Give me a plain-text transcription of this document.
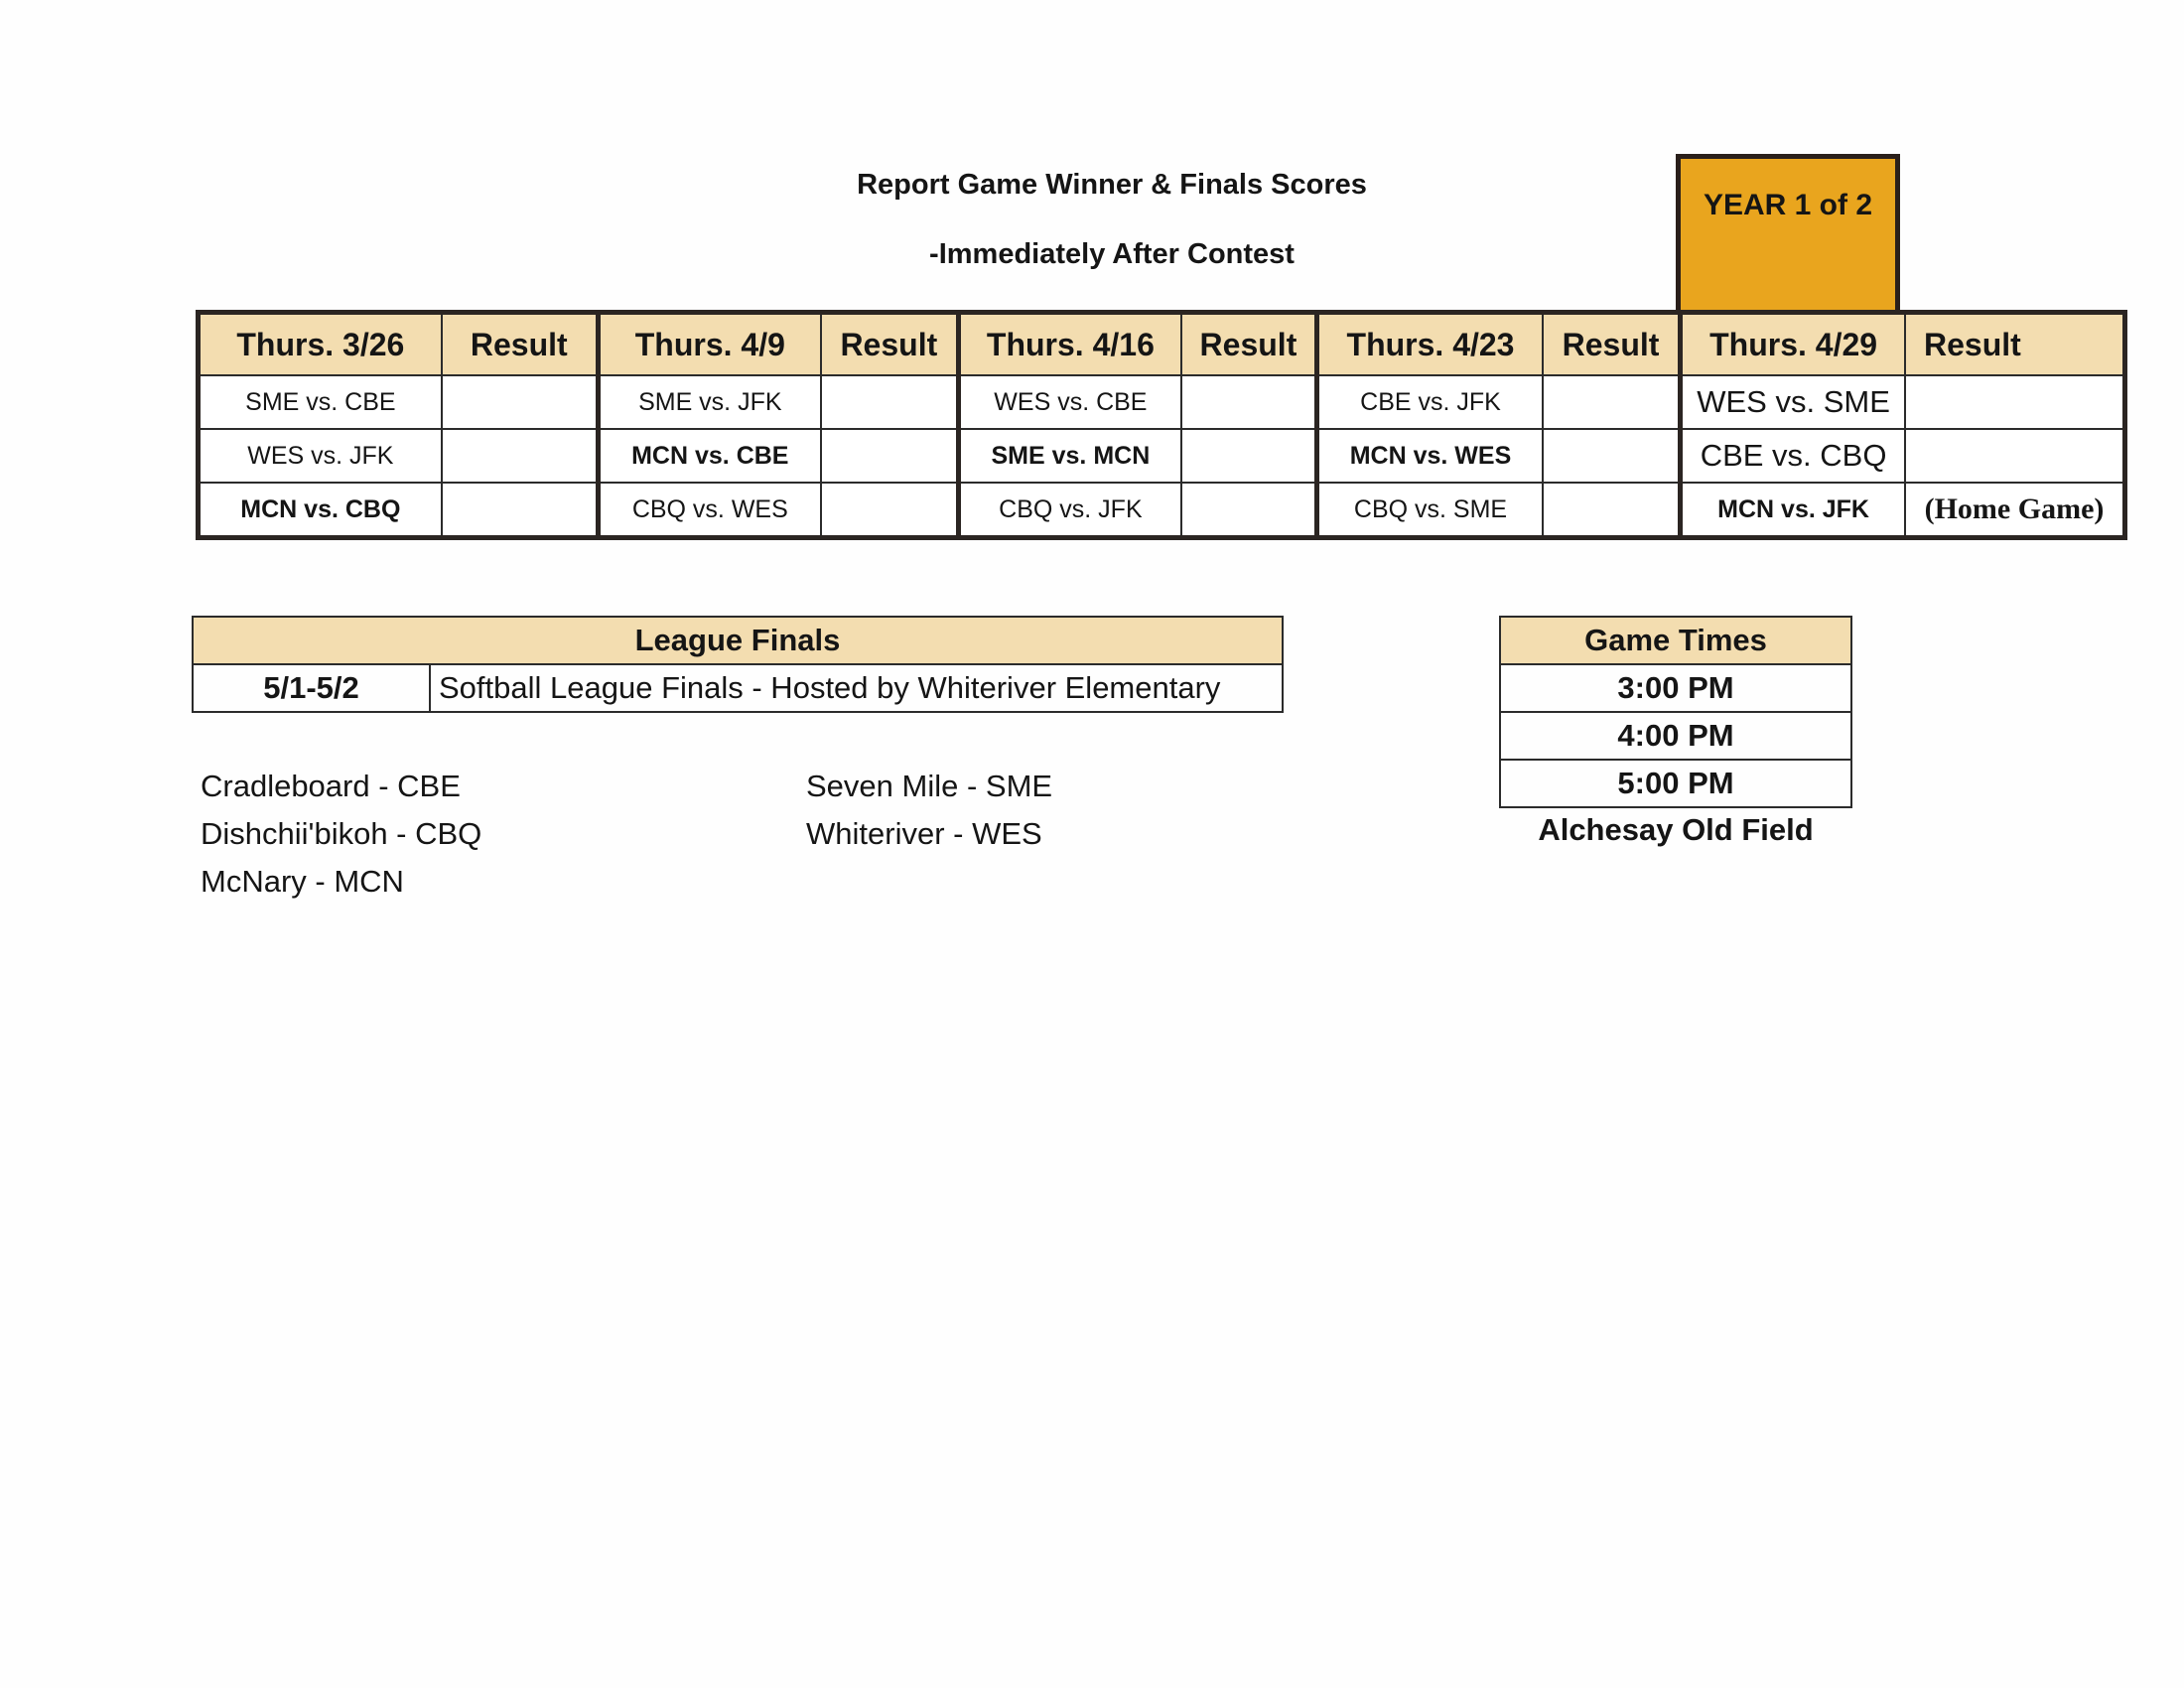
Report Game Winner & Finals Scores
-Immediately After Contest
YEAR 1 of 2
Thurs. 3/26	Result	Thurs. 4/9	Result	Thurs. 4/16	Result	Thurs. 4/23	Result	Thurs. 4/29	Result
SME vs. CBE		SME vs. JFK		WES vs. CBE		CBE vs. JFK		WES vs. SME	
WES vs. JFK		MCN vs. CBE		SME vs. MCN		MCN vs. WES		CBE vs. CBQ	
MCN vs. CBQ		CBQ vs. WES		CBQ vs. JFK		CBQ vs. SME		MCN vs. JFK	(Home Game)
League Finals
5/1-5/2	Softball League Finals - Hosted by Whiteriver Elementary
Game Times
3:00 PM
4:00 PM
5:00 PM
Alchesay Old Field
Cradleboard - CBE
Dishchii'bikoh - CBQ
McNary - MCN
Seven Mile - SME
Whiteriver - WES
